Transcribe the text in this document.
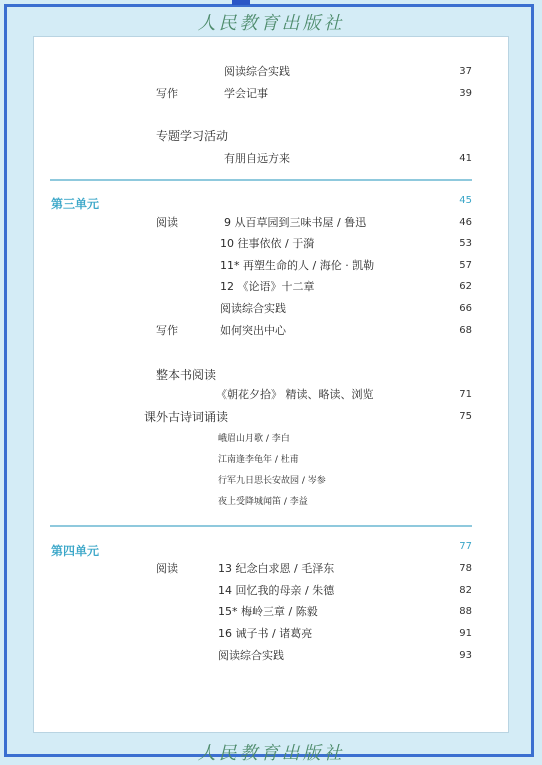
人民教育出版社
阅读综合实践	37
写作	学会记事	39
专题学习活动
有朋自远方来	41
第三单元	45
阅读	9 从百草园到三味书屋 / 鲁迅	46
10 往事依依 / 于漪	53
11* 再塑生命的人 / 海伦 · 凯勒	57
12 《论语》十二章	62
阅读综合实践	66
写作	如何突出中心	68
整本书阅读
《朝花夕拾》 精读、略读、浏览	71
课外古诗词诵读	75
峨眉山月歌 / 李白
江南逢李龟年 / 杜甫
行军九日思长安故园 / 岑参
夜上受降城闻笛 / 李益
第四单元	77
阅读	13 纪念白求恩 / 毛泽东	78
14 回忆我的母亲 / 朱德	82
15* 梅岭三章 / 陈毅	88
16 诫子书 / 诸葛亮	91
阅读综合实践	93
人民教育出版社
